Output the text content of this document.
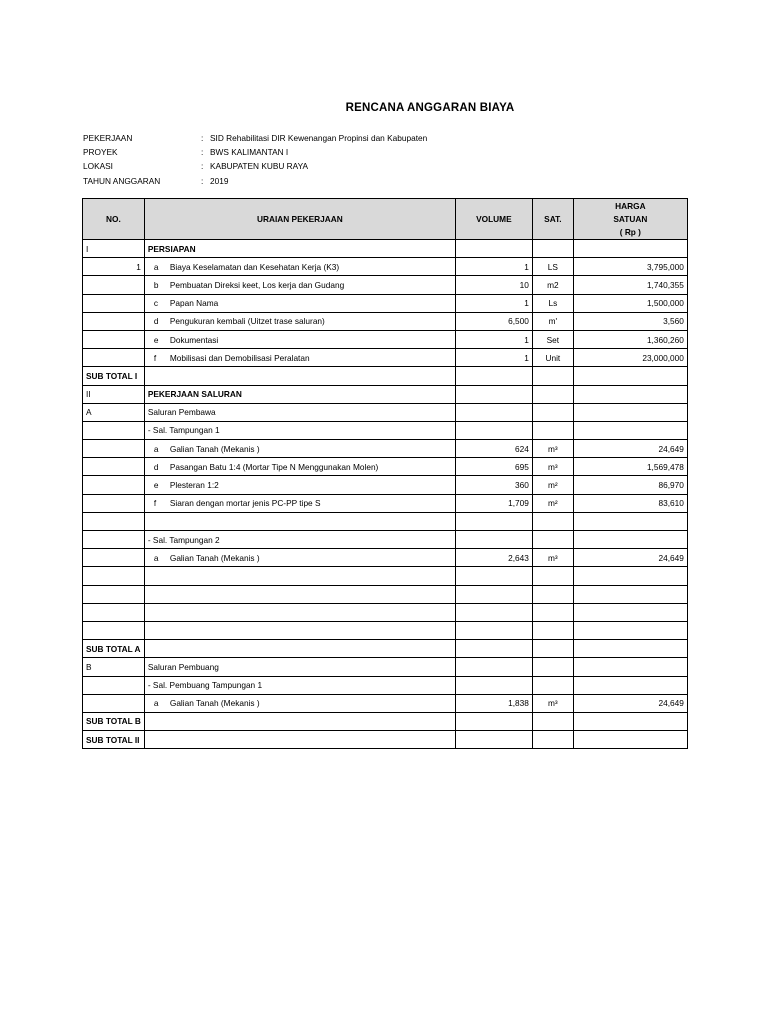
RENCANA ANGGARAN BIAYA
PEKERJAAN	: SID Rehabilitasi DIR Kewenangan Propinsi dan Kabupaten
PROYEK	: BWS KALIMANTAN I
LOKASI	: KABUPATEN KUBU RAYA
TAHUN ANGGARAN	: 2019
NO.	URAIAN PEKERJAAN	VOLUME	SAT.	HARGA
SATUAN
( Rp )

I	PERSIAPAN			
1	a Biaya Keselamatan dan Kesehatan Kerja (K3)	1	LS	3,795,000
	b Pembuatan Direksi keet, Los kerja dan Gudang	10	m2	1,740,355
	c Papan Nama	1	Ls	1,500,000
	d Pengukuran kembali (Uitzet trase saluran)	6,500	m'	3,560
	e Dokumentasi	1	Set	1,360,260
	f Mobilisasi dan Demobilisasi Peralatan	1	Unit	23,000,000
SUB TOTAL I				
II	PEKERJAAN SALURAN			
A	Saluran Pembawa			
	- Sal. Tampungan 1			
	a Galian Tanah (Mekanis )	624	m³	24,649
	d Pasangan Batu 1:4 (Mortar Tipe N Menggunakan Molen)	695	m³	1,569,478
	e Plesteran 1:2	360	m²	86,970
	f Siaran dengan mortar jenis PC-PP tipe S	1,709	m²	83,610

	- Sal. Tampungan 2			
	a Galian Tanah (Mekanis )	2,643	m³	24,649

SUB TOTAL A				
B	Saluran Pembuang			
	- Sal. Pembuang Tampungan 1			
	a Galian Tanah (Mekanis )	1,838	m³	24,649
SUB TOTAL B				
SUB TOTAL II				
